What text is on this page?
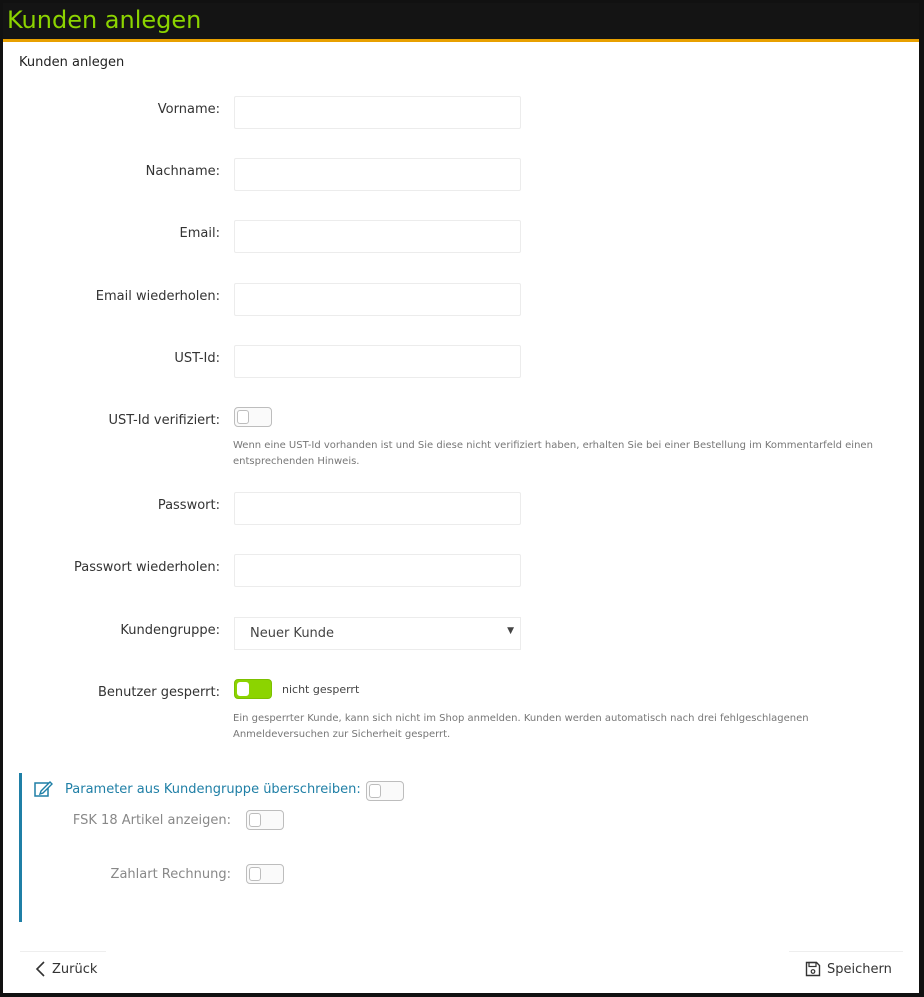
Kunden anlegen
Kunden anlegen
Vorname:
Nachname:
Email:
Email wiederholen:
UST-Id:
UST-Id verifiziert:
Wenn eine UST-Id vorhanden ist und Sie diese nicht verifiziert haben, erhalten Sie bei einer Bestellung im Kommentarfeld einen entsprechenden Hinweis.
Passwort:
Passwort wiederholen:
Kundengruppe: Neuer Kunde	▼
Benutzer gesperrt:	nicht gesperrt
Ein gesperrter Kunde, kann sich nicht im Shop anmelden. Kunden werden automatisch nach drei fehlgeschlagenen Anmeldeversuchen zur Sicherheit gesperrt.
Parameter aus Kundengruppe überschreiben:
FSK 18 Artikel anzeigen:
Zahlart Rechnung:
Zurück	Speichern
